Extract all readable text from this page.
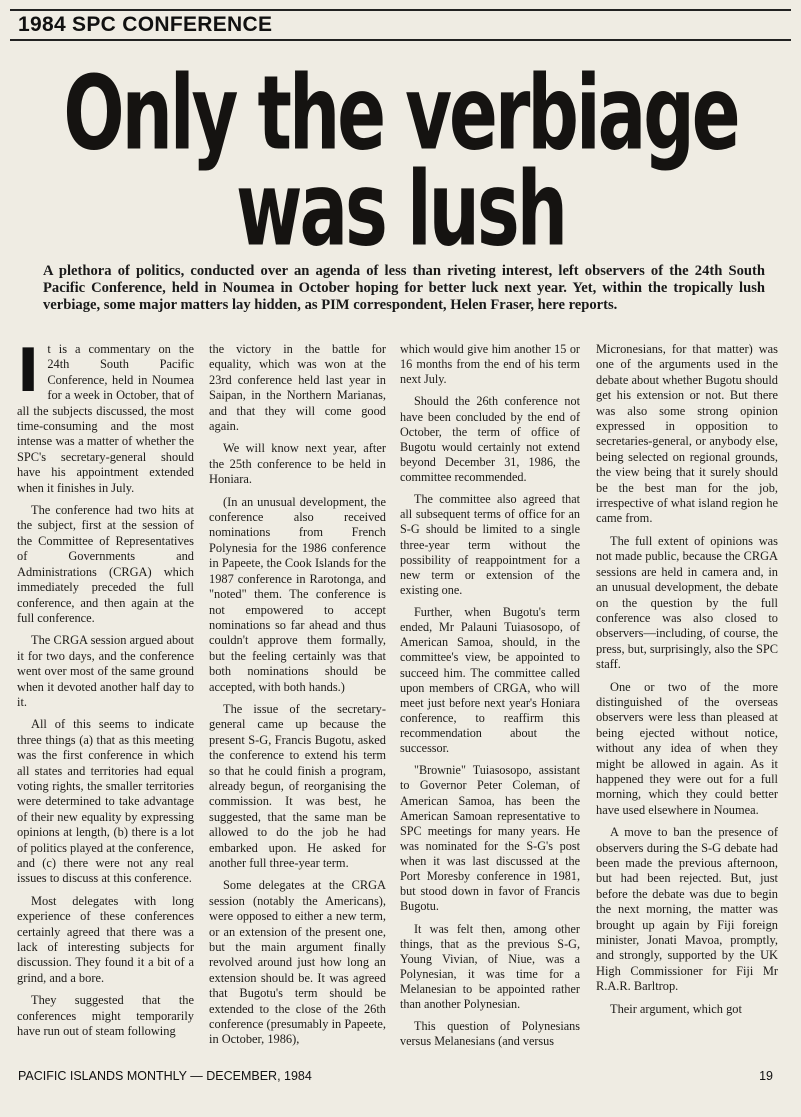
1984 SPC CONFERENCE
Only the verbiage
was lush
A plethora of politics, conducted over an agenda of less than riveting interest, left observers of the 24th South Pacific Conference, held in Noumea in October hoping for better luck next year. Yet, within the tropically lush verbiage, some major matters lay hidden, as PIM correspondent, Helen Fraser, here reports.

It is a commentary on the 24th South Pacific Conference, held in Noumea for a week in October, that of all the subjects discussed, the most time-consuming and the most intense was a matter of whether the SPC's secretary-general should have his appointment extended when it finishes in July.

The conference had two hits at the subject, first at the session of the Committee of Representatives of Governments and Administrations (CRGA) which immediately preceded the full conference, and then again at the full conference.

The CRGA session argued about it for two days, and the conference went over most of the same ground when it devoted another half day to it.

All of this seems to indicate three things (a) that as this meeting was the first conference in which all states and territories had equal voting rights, the smaller territories were determined to take advantage of their new equality by expressing opinions at length, (b) there is a lot of politics played at the conference, and (c) there were not any real issues to discuss at this conference.

Most delegates with long experience of these conferences certainly agreed that there was a lack of interesting subjects for discussion. They found it a bit of a grind, and a bore.

They suggested that the conferences might temporarily have run out of steam following

the victory in the battle for equality, which was won at the 23rd conference held last year in Saipan, in the Northern Marianas, and that they will come good again.

We will know next year, after the 25th conference to be held in Honiara.

(In an unusual development, the conference also received nominations from French Polynesia for the 1986 conference in Papeete, the Cook Islands for the 1987 conference in Rarotonga, and "noted" them. The conference is not empowered to accept nominations so far ahead and thus couldn't approve them formally, but the feeling certainly was that both nominations should be accepted, with both hands.)

The issue of the secretary-general came up because the present S-G, Francis Bugotu, asked the conference to extend his term so that he could finish a program, already begun, of reorganising the commission. It was best, he suggested, that the same man be allowed to do the job he had embarked upon. He asked for another full three-year term.

Some delegates at the CRGA session (notably the Americans), were opposed to either a new term, or an extension of the present one, but the main argument finally revolved around just how long an extension should be. It was agreed that Bugotu's term should be extended to the close of the 26th conference (presumably in Papeete, in October, 1986),

which would give him another 15 or 16 months from the end of his term next July.

Should the 26th conference not have been concluded by the end of October, the term of office of Bugotu would certainly not extend beyond December 31, 1986, the committee recommended.

The committee also agreed that all subsequent terms of office for an S-G should be limited to a single three-year term without the possibility of reappointment for a new term or extension of the existing one.

Further, when Bugotu's term ended, Mr Palauni Tuiasosopo, of American Samoa, should, in the committee's view, be appointed to succeed him. The committee called upon members of CRGA, who will meet just before next year's Honiara conference, to reaffirm this recommendation about the successor.

"Brownie" Tuiasosopo, assistant to Governor Peter Coleman, of American Samoa, has been the American Samoan representative to SPC meetings for many years. He was nominated for the S-G's post when it was last discussed at the Port Moresby conference in 1981, but stood down in favor of Francis Bugotu.

It was felt then, among other things, that as the previous S-G, Young Vivian, of Niue, was a Polynesian, it was time for a Melanesian to be appointed rather than another Polynesian.

This question of Polynesians versus Melanesians (and versus

Micronesians, for that matter) was one of the arguments used in the debate about whether Bugotu should get his extension or not. But there was also some strong opinion expressed in opposition to secretaries-general, or anybody else, being selected on regional grounds, the view being that it surely should be the best man for the job, irrespective of what island region he came from.

The full extent of opinions was not made public, because the CRGA sessions are held in camera and, in an unusual development, the debate on the question by the full conference was also closed to observers—including, of course, the press, but, surprisingly, also the SPC staff.

One or two of the more distinguished of the overseas observers were less than pleased at being ejected without notice, without any idea of when they might be allowed in again. As it happened they were out for a full morning, which they could better have used elsewhere in Noumea.

A move to ban the presence of observers during the S-G debate had been made the previous afternoon, but had been rejected. But, just before the debate was due to begin the next morning, the matter was brought up again by Fiji foreign minister, Jonati Mavoa, promptly, and strongly, supported by the UK High Commissioner for Fiji Mr R.A.R. Barltrop.

Their argument, which got

PACIFIC ISLANDS MONTHLY — DECEMBER, 1984	19
